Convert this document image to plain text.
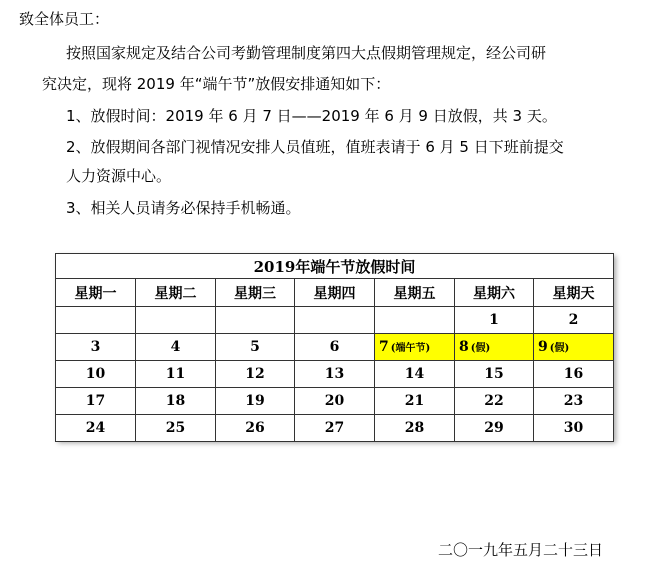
致全体员工：
按照国家规定及结合公司考勤管理制度第四大点假期管理规定，经公司研
究决定，现将 2019 年“端午节”放假安排通知如下：
1、放假时间：2019 年 6 月 7 日——2019 年 6 月 9 日放假，共 3 天。
2、放假期间各部门视情况安排人员值班，值班表请于 6 月 5 日下班前提交
人力资源中心。
3、相关人员请务必保持手机畅通。
2019年端午节放假时间						
星期一	星期二	星期三	星期四	星期五	星期六	星期天
					1	2
3	4	5	6	7 (端午节)	8 (假)	9 (假)
10	11	12	13	14	15	16
17	18	19	20	21	22	23
24	25	26	27	28	29	30
二〇一九年五月二十三日
